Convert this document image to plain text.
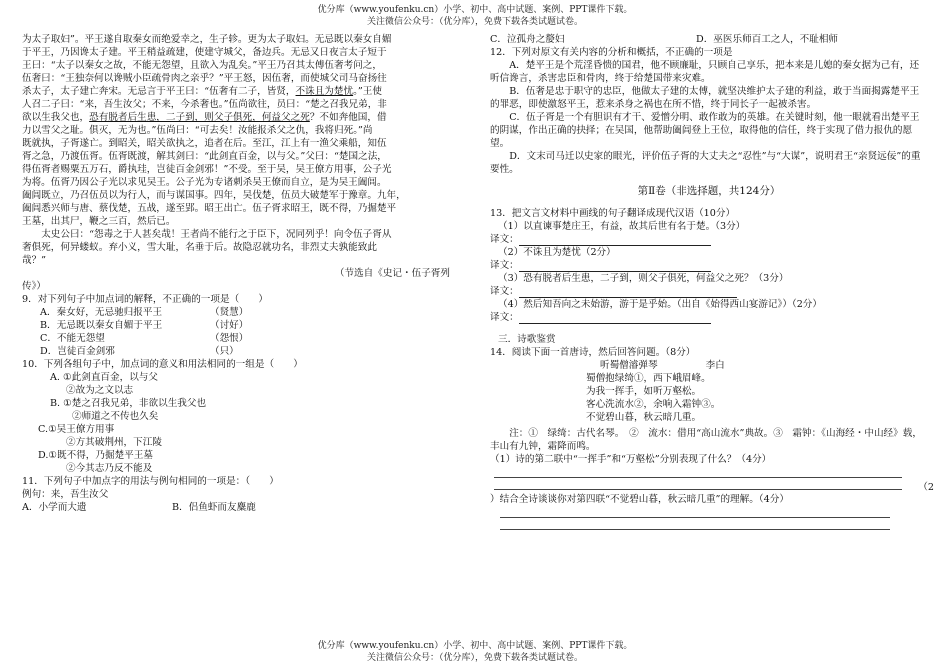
优分库（www.youfenku.cn）小学、初中、高中试题、案例、PPT课件下载。
关注微信公众号：（优分库），免费下载各类试题试卷。

为太子取妇”。平王遂自取秦女而绝爱幸之，生子轸。更为太子取妇。无忌既以秦女自媚

于平王，乃因谗太子建。平王稍益疏建，使建守城父，备边兵。无忌又日夜言太子短于

王曰：“太子以秦女之故，不能无怨望，且欲入为乱矣。”平王乃召其太傅伍奢考问之，

伍奢曰：“王独奈何以谗贼小臣疏骨肉之亲乎？”平王怒，因伍奢，而使城父司马奋扬往

杀太子，太子建亡奔宋。无忌言于平王曰：“伍奢有二子，皆贤，不诛且为楚忧。”王使

人召二子曰：“来，吾生汝父；不来，今杀奢也。”伍尚欲往，员曰：“楚之召我兄弟，非

欲以生我父也，恐有脱者后生患，二子到，则父子俱死，何益父之死？不如奔他国，借

力以雪父之耻。俱灭，无为也。”伍尚曰：“可去矣！汝能报杀父之仇，我将归死。”尚

既就执，子胥遂亡。到昭关，昭关欲执之，追者在后。至江，江上有一渔父乘船，知伍

胥之急，乃渡伍胥。伍胥既渡，解其剑曰：“此剑直百金，以与父。”父曰：“楚国之法，

得伍胥者赐粟五万石，爵执珪，岂徒百金剑邪！”不受。至于吴，吴王僚方用事，公子光

为将。伍胥乃因公子光以求见吴王。公子光为专诸刺杀吴王僚而自立，是为吴王阖闾。

阖闾既立，乃召伍员以为行人，而与谋国事。四年，吴伐楚，伍员大破楚军于豫章。九年，

阖闾悉兴师与唐、蔡伐楚，五战，遂至郢。昭王出亡。伍子胥求昭王，既不得，乃掘楚平

王墓，出其尸，鞭之三百，然后已。

太史公曰：“怨毒之于人甚矣哉！王者尚不能行之于臣下，况同列乎！向令伍子胥从

奢俱死，何异蝼蚁。弃小义，雪大耻，名垂于后。故隐忍就功名，非烈丈夫孰能致此

哉？”

（节选自《史记・伍子胥列

传》）

9．对下列句子中加点词的解释，不正确的一项是（　　）

A．秦女好，无忌驰归报平王	（贤慧）
B．无忌既以秦女自媚于平王	（讨好）
C．不能无怨望	（怨恨）
D．岂徒百金剑邪	（只）

10．下列各组句子中，加点词的意义和用法相同的一组是（　　）

A. ①此剑直百金，以与父
②故为之文以志
B. ①楚之召我兄弟，非欲以生我父也
②师道之不传也久矣
C.①吴王僚方用事
②方其破荆州，下江陵
D.①既不得，乃掘楚平王墓
②今其志乃反不能及

11．下列句子中加点字的用法与例句相同的一项是：（　　）

例句：来，吾生汝父

A．小学而大遗	B．侣鱼虾而友麋鹿
C．泣孤舟之嫠妇	D．巫医乐师百工之人，不耻相师

12．下列对原文有关内容的分析和概括，不正确的一项是

A．楚平王是个荒淫昏愦的国君，他不顾廉耻，只顾自己享乐，把本来是儿媳的秦女据为己有，还听信谗言，杀害忠臣和骨肉，终于给楚国带来灾难。

B．伍奢是忠于职守的忠臣，他做太子建的太傅，就坚决维护太子建的利益，敢于当面揭露楚平王的罪恶，即使激怒平王，惹来杀身之祸也在所不惜，终于同长子一起被杀害。

C．伍子胥是一个有胆识有才干、爱憎分明、敢作敢为的英雄。在关键时刻，他一眼就看出楚平王的阴谋，作出正确的抉择；在吴国，他帮助阖闾登上王位，取得他的信任，终于实现了借力报仇的愿望。

D．文末司马迁以史家的眼光，评价伍子胥的大丈夫之“忍性”与“大谋”，说明君王“亲贤远佞”的重要性。

第Ⅱ卷（非选择题，共124分）

13．把文言文材料中画线的句子翻译成现代汉语（10分）

（1）以直谏事楚庄王，有益，故其后世有名于楚。（3分）

译文：

（2）不诛且为楚忧（2分）

译文：

（3）恐有脱者后生患，二子到，则父子俱死，何益父之死？（3分）

译文：

（4）然后知吾向之未始游，游于是乎始。（出自《始得西山宴游记》）（2分）

译文：

三．诗歌鉴赏

14．阅读下面一首唐诗，然后回答问题。（8分）

听蜀僧濬弹琴	李白

蜀僧抱绿绮①，西下峨眉峰。

为我一挥手，如听万壑松。

客心洗流水②，余响入霜钟③。

不觉碧山暮，秋云暗几重。

注：①　绿绮：古代名琴。　②　流水：借用“高山流水”典故。③　霜钟：《山海经・中山经》载，丰山有九钟，霜降而鸣。

（1）诗的第二联中“一挥手”和“万壑松”分别表现了什么？（4分）

（2

）结合全诗谈谈你对第四联“不觉碧山暮，秋云暗几重”的理解。（4分）

优分库（www.youfenku.cn）小学、初中、高中试题、案例、PPT课件下载。
关注微信公众号：（优分库），免费下载各类试题试卷。
